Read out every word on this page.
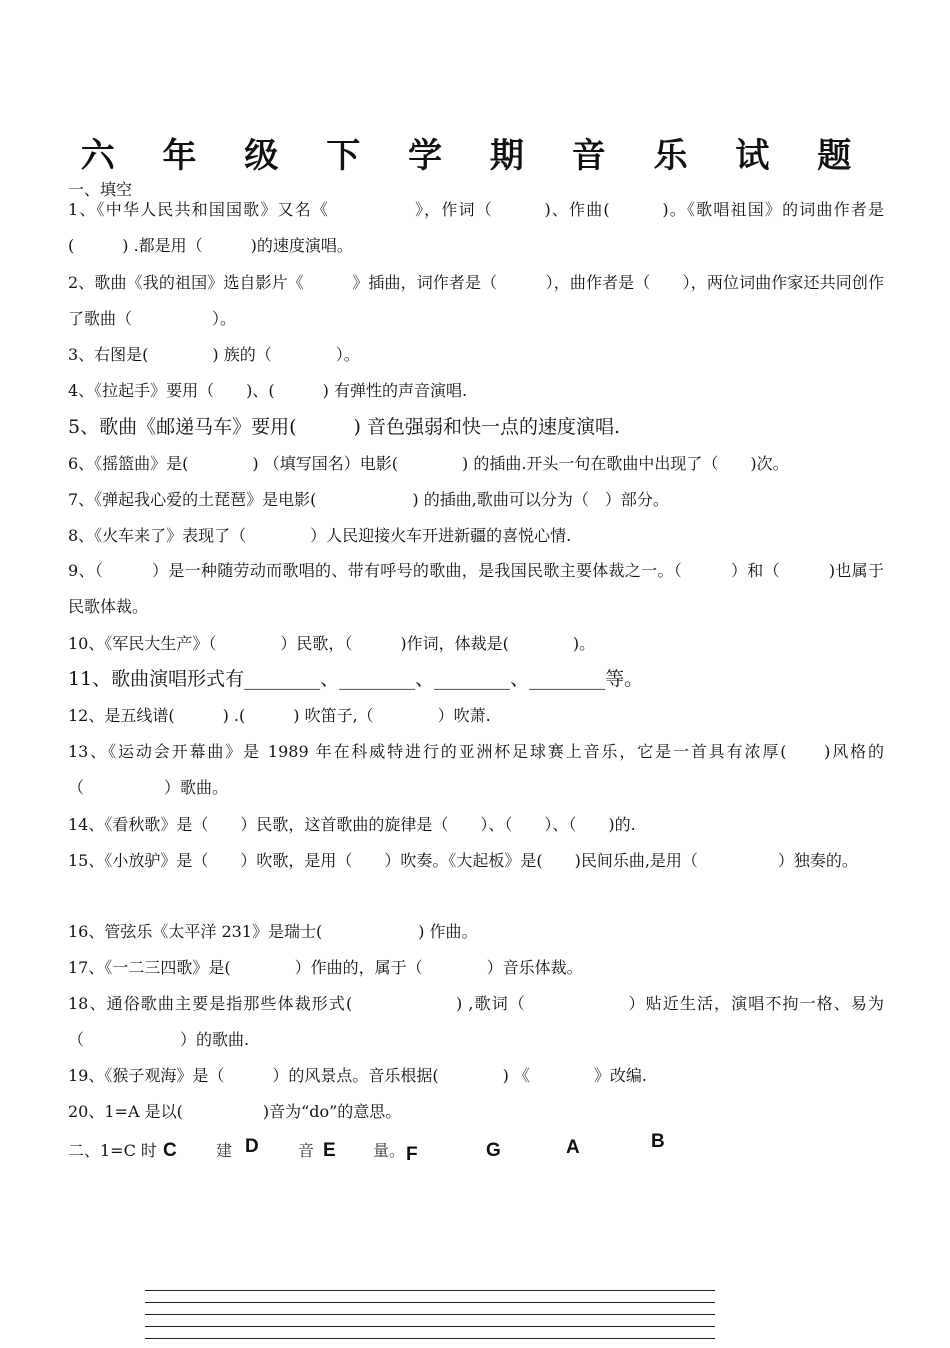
六 年 级 下 学 期 音 乐 试 题
一、填空
1、《中华人民共和国国歌》又名《　　　　　》，作词（　　　)、作曲(　　　)。《歌唱祖国》的词曲作者是(　　　) .都是用（　　　)的速度演唱。
2、歌曲《我的祖国》选自影片《　　　》插曲，词作者是（　　　），曲作者是（　　），两位词曲作家还共同创作了歌曲（　　　　　）。
3、右图是(　　　　) 族的（　　　　）。
4、《拉起手》要用（　　)、(　　　) 有弹性的声音演唱.
5、歌曲《邮递马车》要用(　　　) 音色强弱和快一点的速度演唱.
6、《摇篮曲》是(　　　　) （填写国名）电影(　　　　) 的插曲.开头一句在歌曲中出现了（　　)次。
7、《弹起我心爱的土琵琶》是电影(　　　　　　) 的插曲,歌曲可以分为（　）部分。
8、《火车来了》表现了（　　　　）人民迎接火车开进新疆的喜悦心情.
9、（　　　）是一种随劳动而歌唱的、带有呼号的歌曲，是我国民歌主要体裁之一。（　　　）和（　　　)也属于民歌体裁。
10、《军民大生产》（　　　　）民歌，（　　　)作词，体裁是(　　　　)。
11、歌曲演唱形式有________、________、________、________等。
12、是五线谱(　　　) .(　　　) 吹笛子,（　　　　）吹萧.
13、《运动会开幕曲》是 1989 年在科威特进行的亚洲杯足球赛上音乐，它是一首具有浓厚(　　)风格的（　　　　　）歌曲。
14、《看秋歌》是（　　）民歌，这首歌曲的旋律是（　　）、（　　）、（　　)的.
15、《小放驴》是（　　）吹歌，是用（　　）吹奏。《大起板》是(　　)民间乐曲,是用（　　　　　）独奏的。
16、管弦乐《太平洋 231》是瑞士(　　　　　　) 作曲。
17、《一二三四歌》是(　　　　）作曲的，属于（　　　　）音乐体裁。
18、通俗歌曲主要是指那些体裁形式(　　　　　　) ,歌词（　　　　　　）贴近生活，演唱不拘一格、易为（　　　　　　）的歌曲.
19、《猴子观海》是（　　　）的风景点。音乐根据(　　　　) 《　　　　》改编.
20、1=A 是以(　　　　　)音为“do”的意思。
二、1=C 时	建	音	量。
C	D	E	F	G	A	B
